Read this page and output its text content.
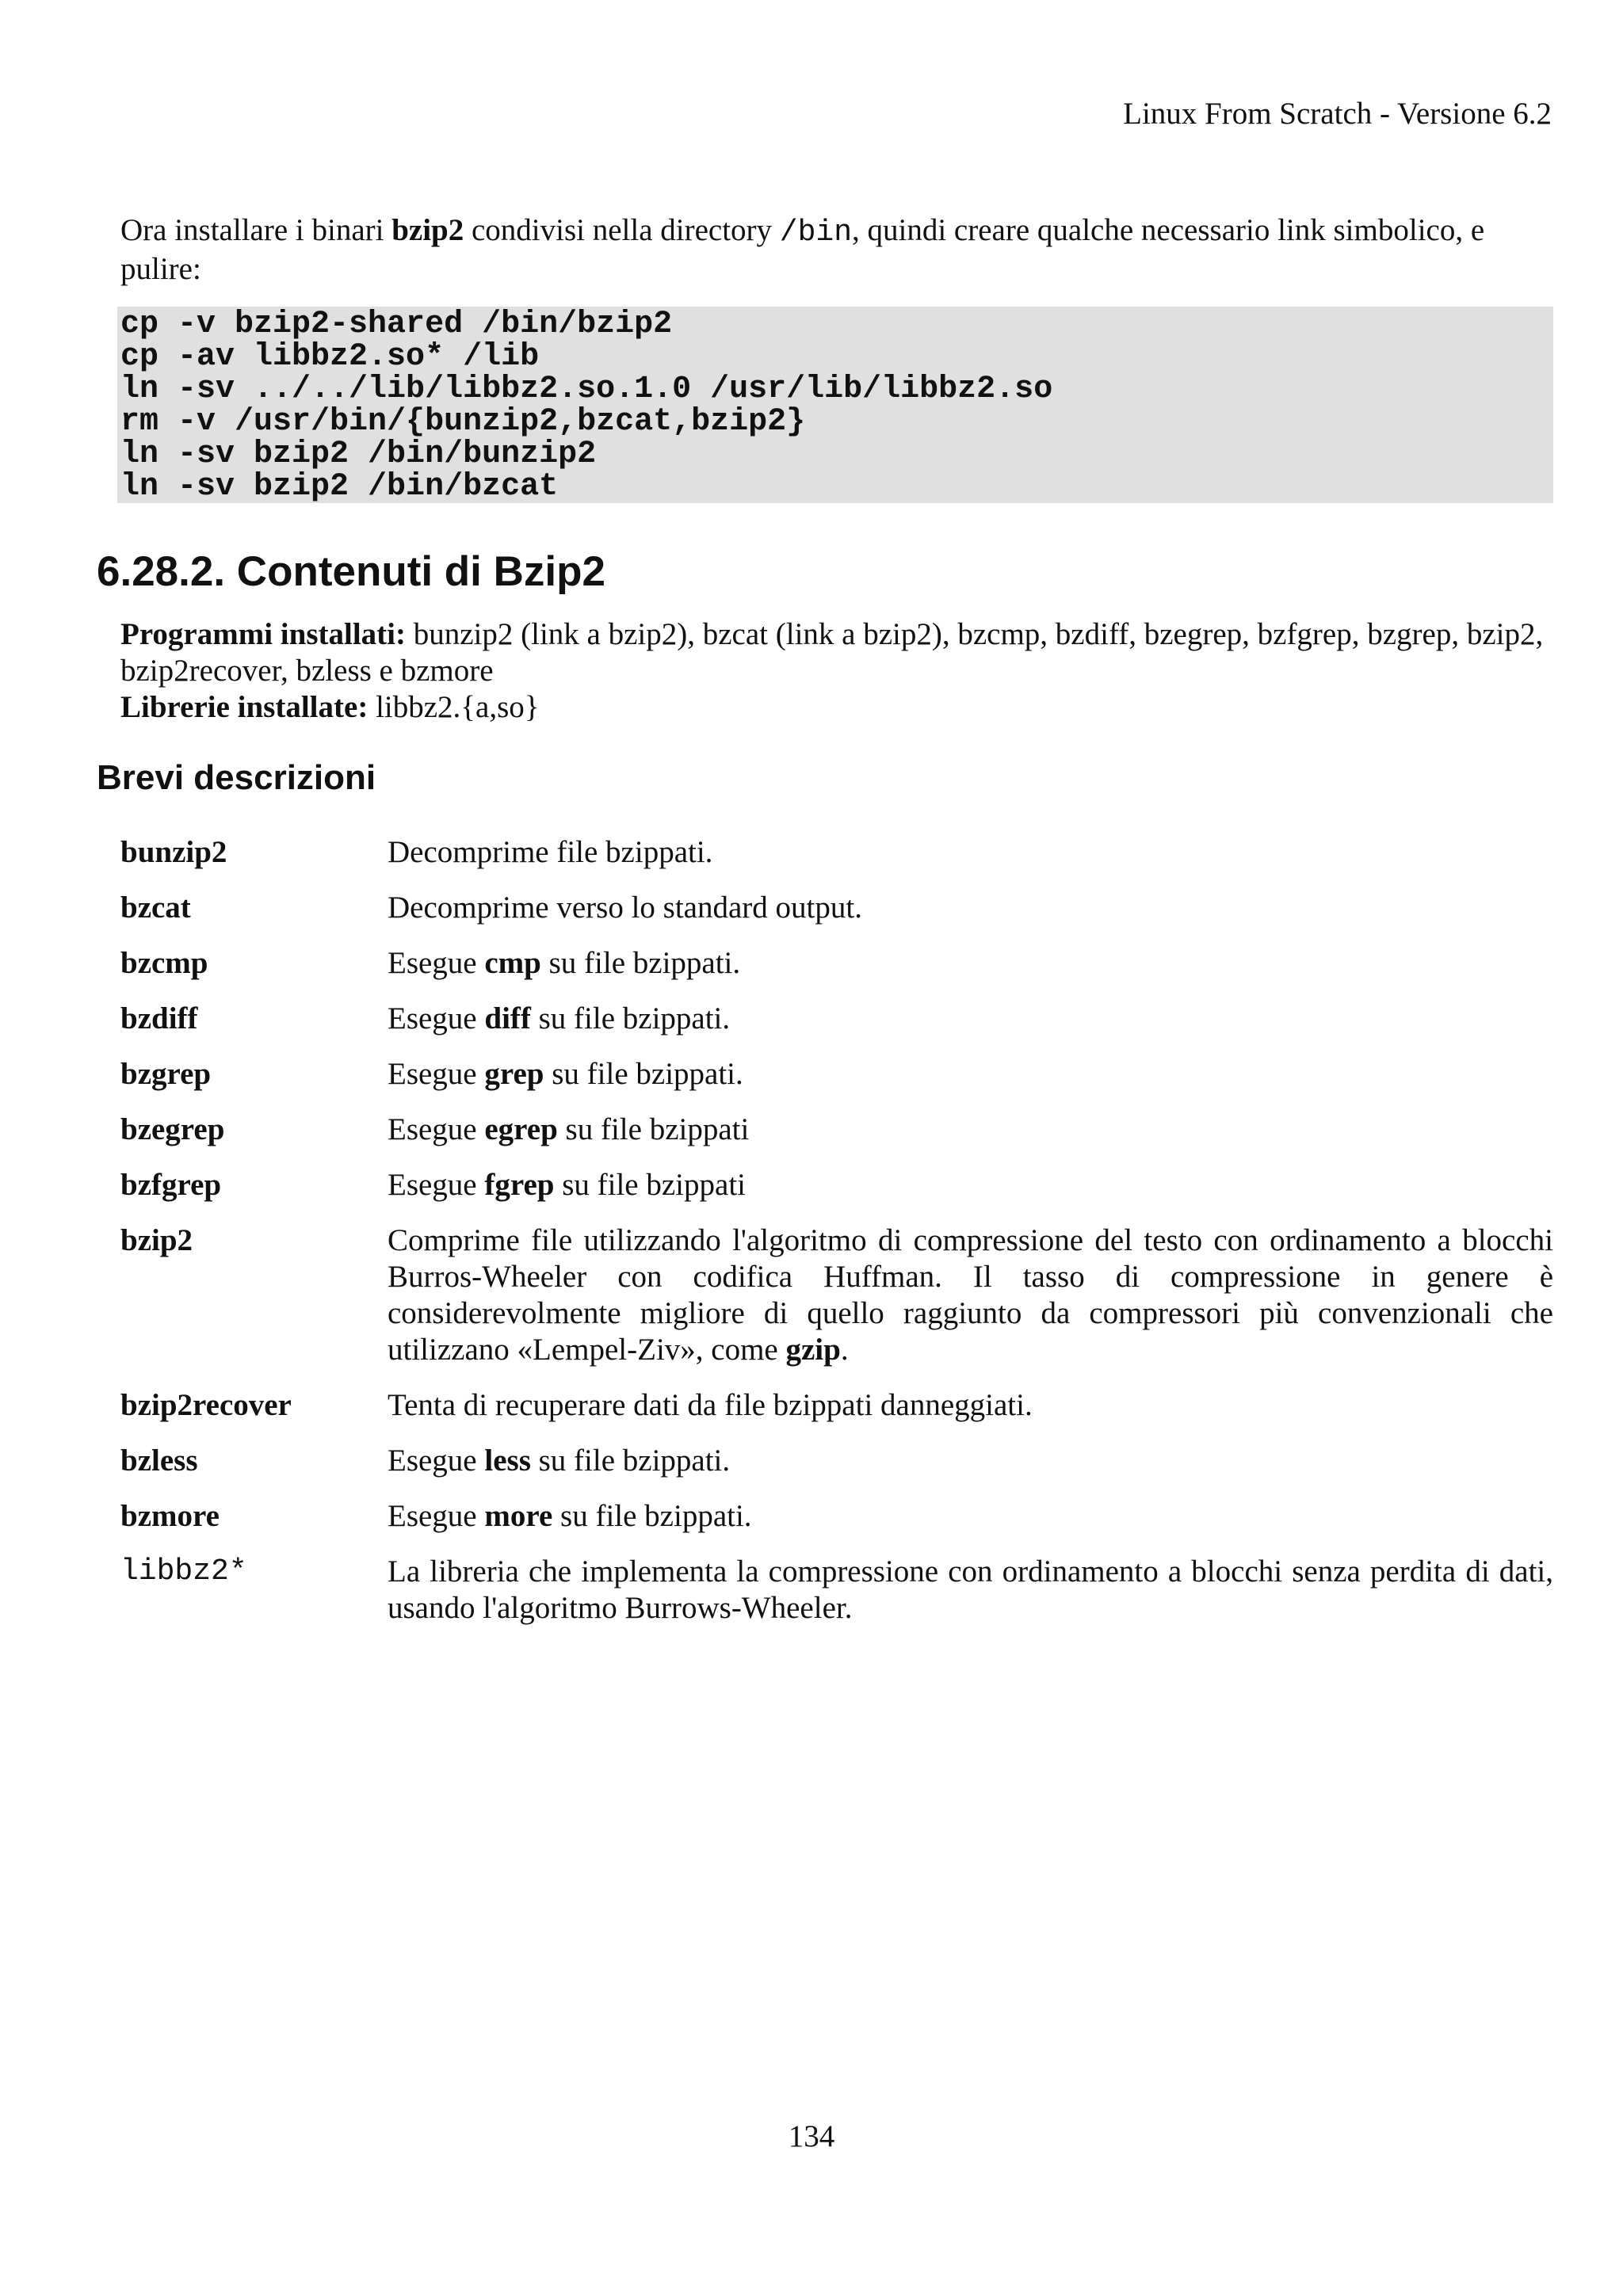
Linux From Scratch - Versione 6.2
Ora installare i binari bzip2 condivisi nella directory /bin, quindi creare qualche necessario link simbolico, e pulire:
cp -v bzip2-shared /bin/bzip2
cp -av libbz2.so* /lib
ln -sv ../../lib/libbz2.so.1.0 /usr/lib/libbz2.so
rm -v /usr/bin/{bunzip2,bzcat,bzip2}
ln -sv bzip2 /bin/bunzip2
ln -sv bzip2 /bin/bzcat
6.28.2. Contenuti di Bzip2
Programmi installati: bunzip2 (link a bzip2), bzcat (link a bzip2), bzcmp, bzdiff, bzegrep, bzfgrep, bzgrep, bzip2, bzip2recover, bzless e bzmore
Librerie installate: libbz2.{a,so}
Brevi descrizioni
bunzip2	Decomprime file bzippati.
bzcat	Decomprime verso lo standard output.
bzcmp	Esegue cmp su file bzippati.
bzdiff	Esegue diff su file bzippati.
bzgrep	Esegue grep su file bzippati.
bzegrep	Esegue egrep su file bzippati
bzfgrep	Esegue fgrep su file bzippati
bzip2	Comprime file utilizzando l'algoritmo di compressione del testo con ordinamento a blocchi Burros-Wheeler con codifica Huffman. Il tasso di compressione in genere è considerevolmente migliore di quello raggiunto da compressori più convenzionali che utilizzano «Lempel-Ziv», come gzip.
bzip2recover	Tenta di recuperare dati da file bzippati danneggiati.
bzless	Esegue less su file bzippati.
bzmore	Esegue more su file bzippati.
libbz2*	La libreria che implementa la compressione con ordinamento a blocchi senza perdita di dati, usando l'algoritmo Burrows-Wheeler.
134
